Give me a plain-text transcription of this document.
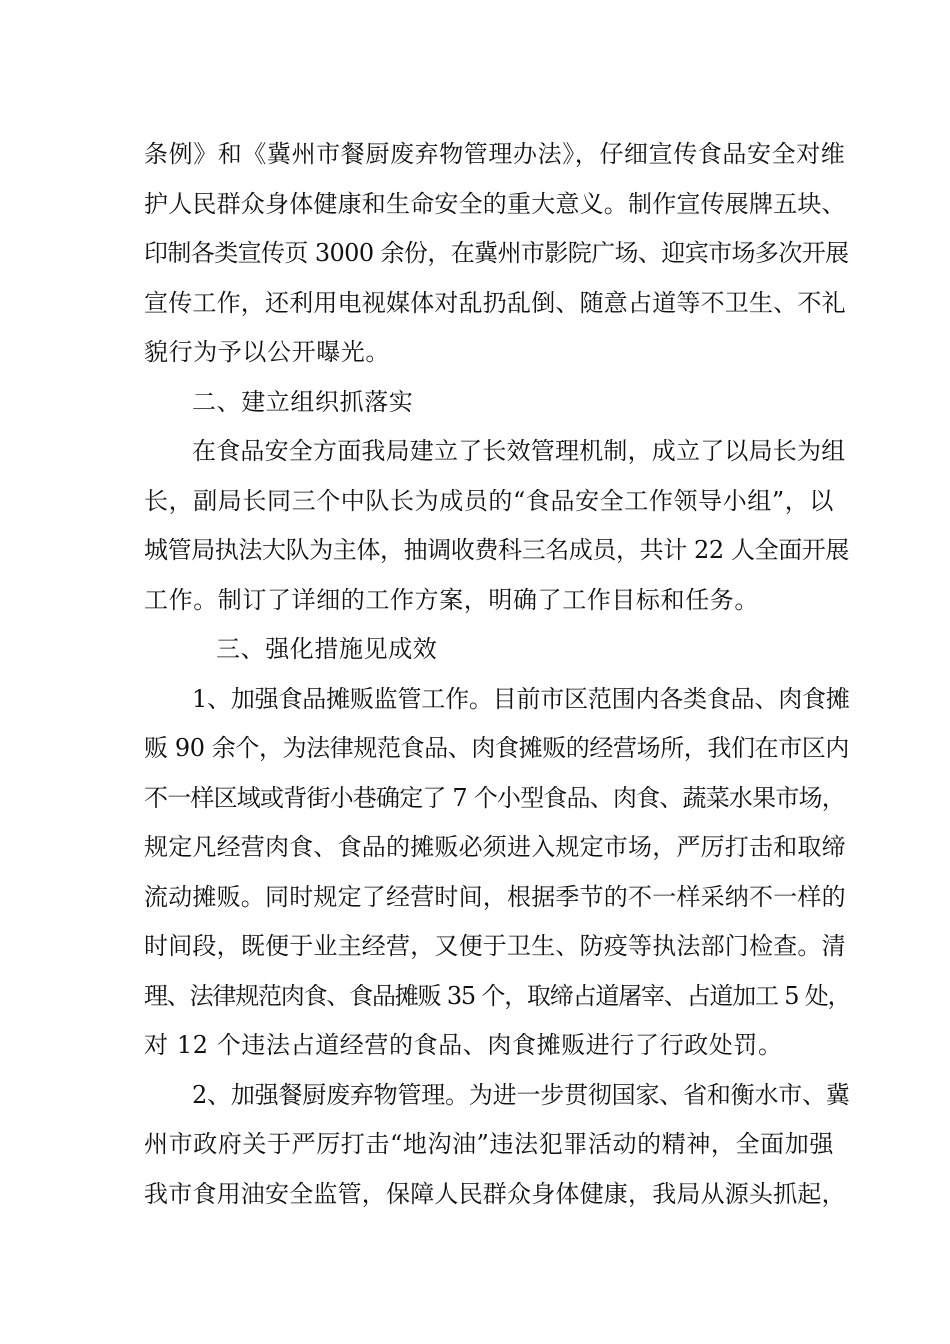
条例》和《冀州市餐厨废弃物管理办法》，仔细宣传食品安全对维
护人民群众身体健康和生命安全的重大意义。制作宣传展牌五块、
印制各类宣传页 3000 余份，在冀州市影院广场、迎宾市场多次开展
宣传工作，还利用电视媒体对乱扔乱倒、随意占道等不卫生、不礼
貌行为予以公开曝光。
二、建立组织抓落实
在食品安全方面我局建立了长效管理机制，成立了以局长为组
长，副局长同三个中队长为成员的“食品安全工作领导小组”，以
城管局执法大队为主体，抽调收费科三名成员，共计 22 人全面开展
工作。制订了详细的工作方案，明确了工作目标和任务。
三、强化措施见成效
1、加强食品摊贩监管工作。目前市区范围内各类食品、肉食摊
贩 90 余个，为法律规范食品、肉食摊贩的经营场所，我们在市区内
不一样区域或背街小巷确定了 7 个小型食品、肉食、蔬菜水果市场，
规定凡经营肉食、食品的摊贩必须进入规定市场，严厉打击和取缔
流动摊贩。同时规定了经营时间，根据季节的不一样采纳不一样的
时间段，既便于业主经营，又便于卫生、防疫等执法部门检查。清
理、法律规范肉食、食品摊贩 35 个，取缔占道屠宰、占道加工 5 处，
对 12 个违法占道经营的食品、肉食摊贩进行了行政处罚。
2、加强餐厨废弃物管理。为进一步贯彻国家、省和衡水市、冀
州市政府关于严厉打击“地沟油”违法犯罪活动的精神，全面加强
我市食用油安全监管，保障人民群众身体健康，我局从源头抓起，
